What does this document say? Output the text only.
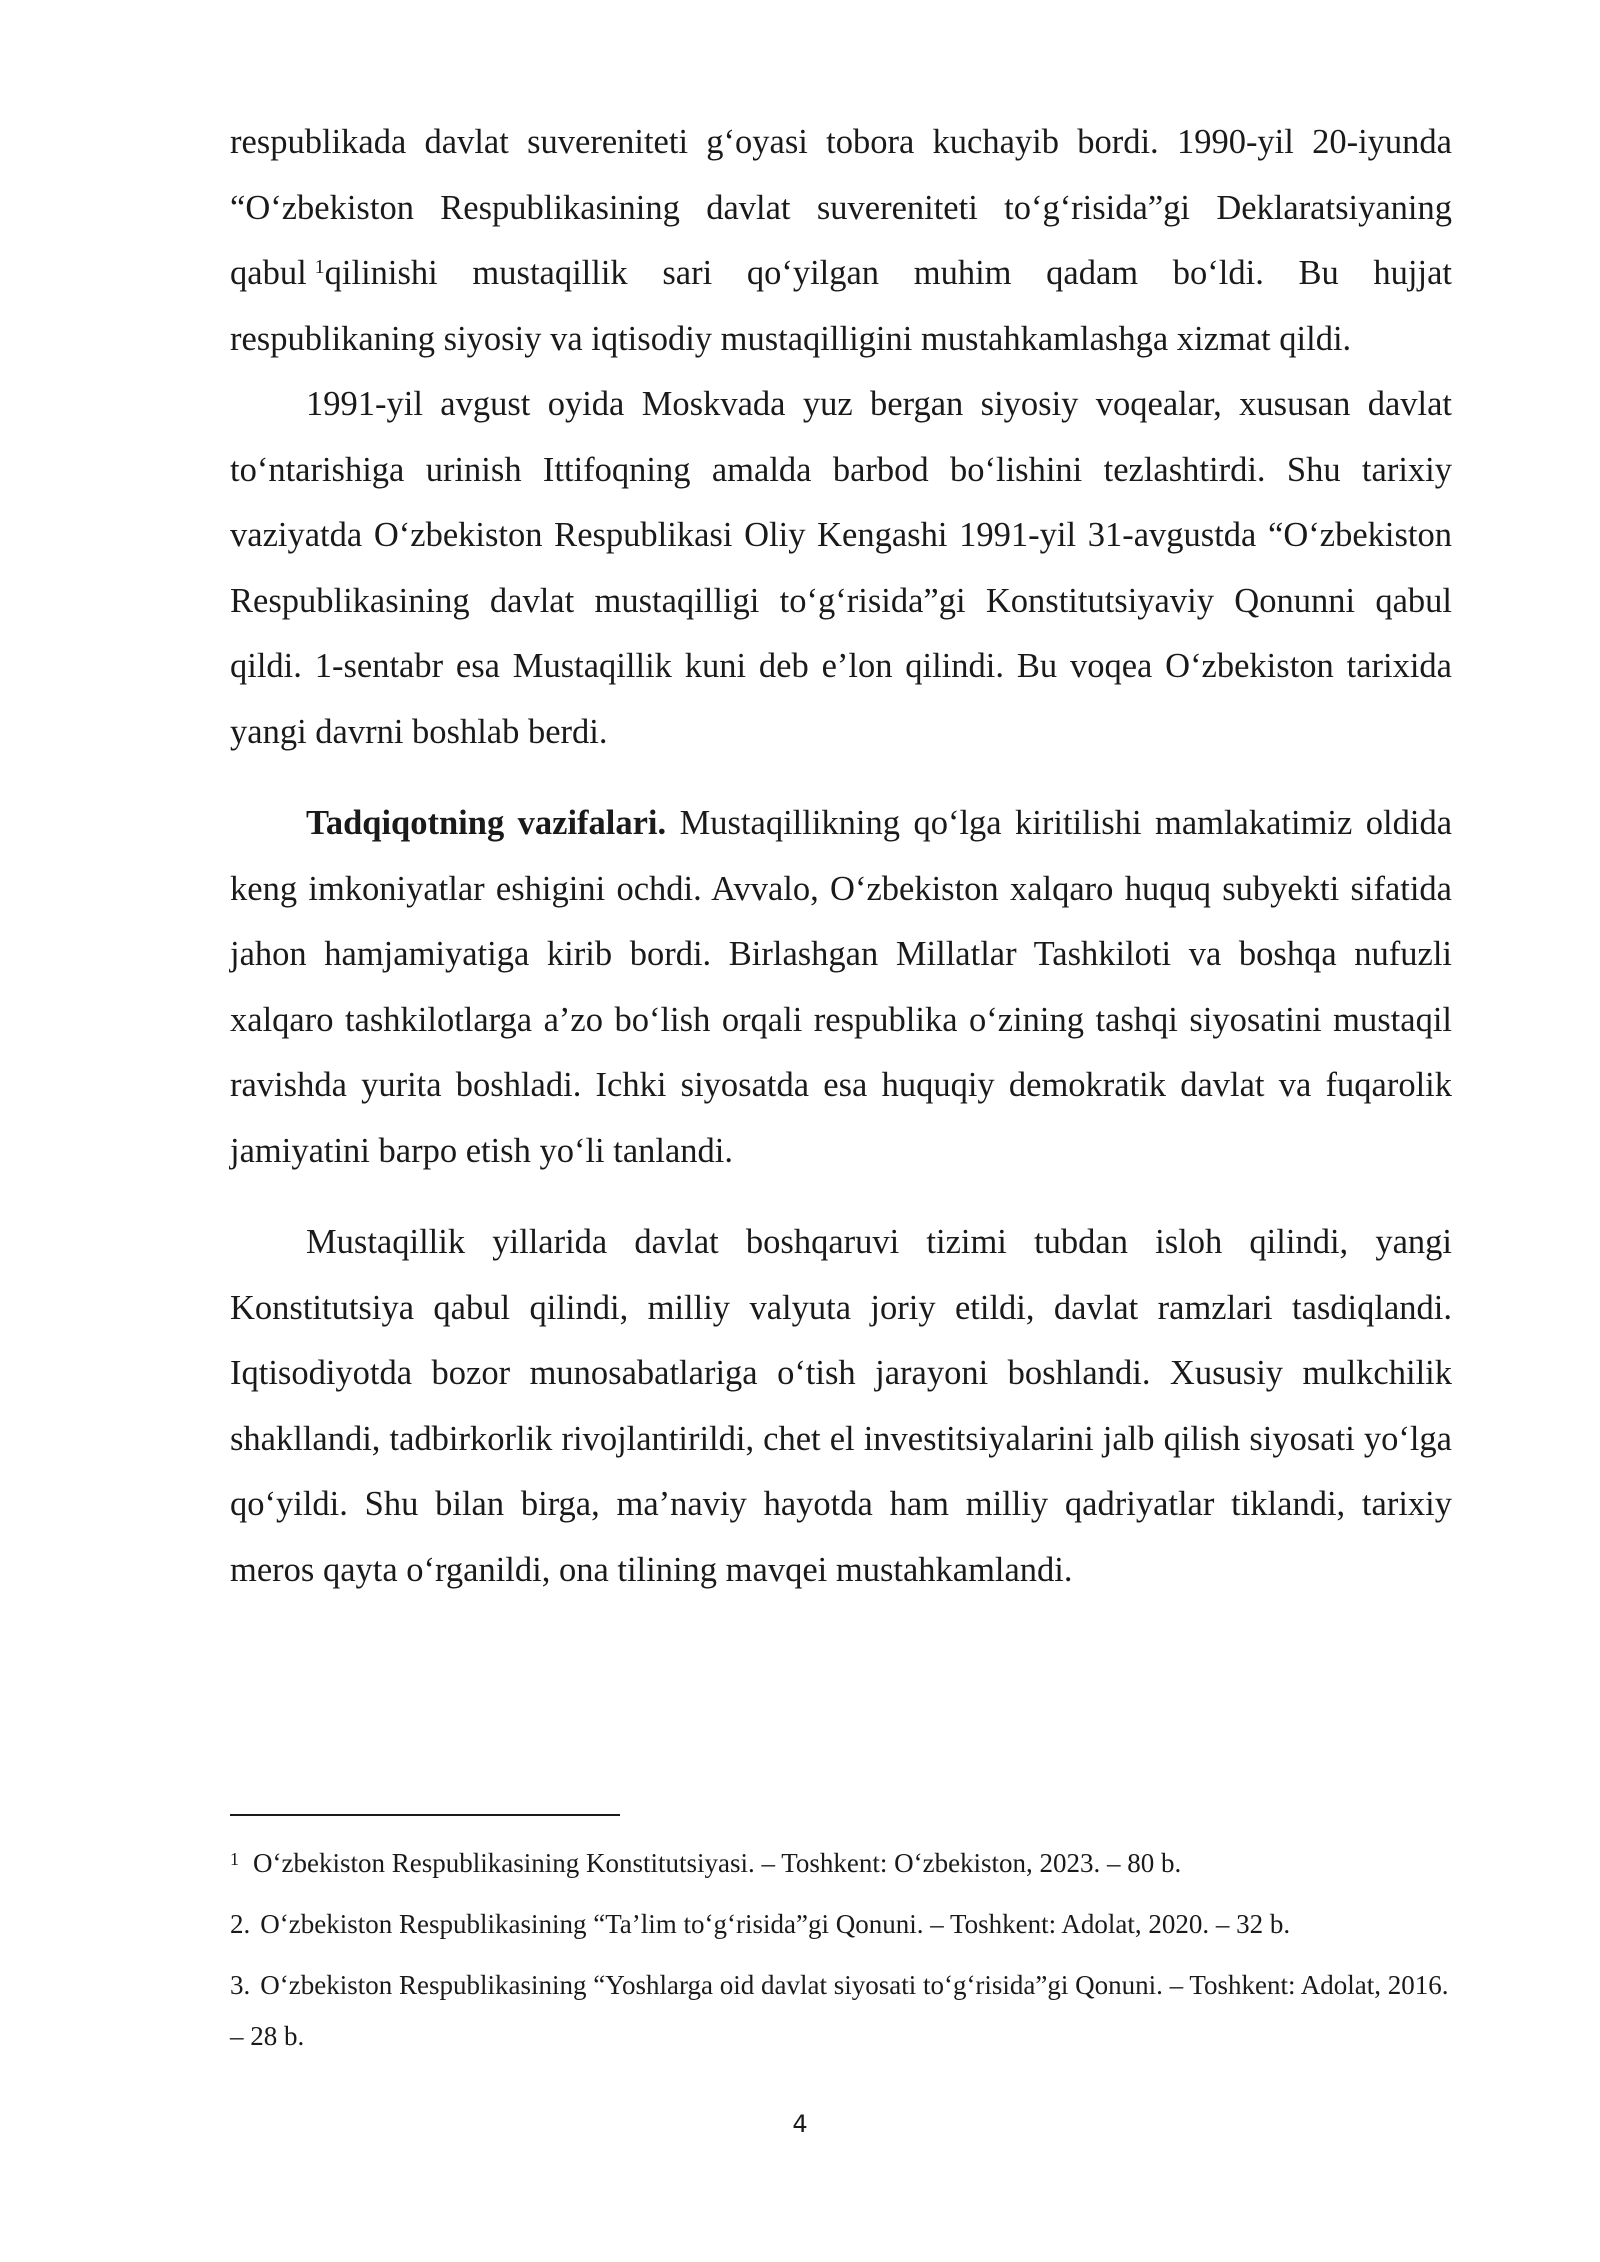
respublikada davlat suvereniteti g‘oyasi tobora kuchayib bordi. 1990-yil 20-iyunda “O‘zbekiston Respublikasining davlat suvereniteti to‘g‘risida”gi Deklaratsiyaning qabul $^1$qilinishi mustaqillik sari qo‘yilgan muhim qadam bo‘ldi. Bu hujjat respublikaning siyosiy va iqtisodiy mustaqilligini mustahkamlashga xizmat qildi.

1991-yil avgust oyida Moskvada yuz bergan siyosiy voqealar, xususan davlat to‘ntarishiga urinish Ittifoqning amalda barbod bo‘lishini tezlashtirdi. Shu tarixiy vaziyatda O‘zbekiston Respublikasi Oliy Kengashi 1991-yil 31-avgustda “O‘zbekiston Respublikasining davlat mustaqilligi to‘g‘risida”gi Konstitutsiyaviy Qonunni qabul qildi. 1-sentabr esa Mustaqillik kuni deb e’lon qilindi. Bu voqea O‘zbekiston tarixida yangi davrni boshlab berdi.

Tadqiqotning vazifalari. Mustaqillikning qo‘lga kiritilishi mamlakatimiz oldida keng imkoniyatlar eshigini ochdi. Avvalo, O‘zbekiston xalqaro huquq subyekti sifatida jahon hamjamiyatiga kirib bordi. Birlashgan Millatlar Tashkiloti va boshqa nufuzli xalqaro tashkilotlarga a’zo bo‘lish orqali respublika o‘zining tashqi siyosatini mustaqil ravishda yurita boshladi. Ichki siyosatda esa huquqiy demokratik davlat va fuqarolik jamiyatini barpo etish yo‘li tanlandi.

Mustaqillik yillarida davlat boshqaruvi tizimi tubdan isloh qilindi, yangi Konstitutsiya qabul qilindi, milliy valyuta joriy etildi, davlat ramzlari tasdiqlandi. Iqtisodiyotda bozor munosabatlariga o‘tish jarayoni boshlandi. Xususiy mulkchilik shakllandi, tadbirkorlik rivojlantirildi, chet el investitsiyalarini jalb qilish siyosati yo‘lga qo‘yildi. Shu bilan birga, ma’naviy hayotda ham milliy qadriyatlar tiklandi, tarixiy meros qayta o‘rganildi, ona tilining mavqei mustahkamlandi.

$^1$ O‘zbekiston Respublikasining Konstitutsiyasi. – Toshkent: O‘zbekiston, 2023. – 80 b.

2. O‘zbekiston Respublikasining “Ta’lim to‘g‘risida”gi Qonuni. – Toshkent: Adolat, 2020. – 32 b.

3. O‘zbekiston Respublikasining “Yoshlarga oid davlat siyosati to‘g‘risida”gi Qonuni. – Toshkent: Adolat, 2016. – 28 b.

4
